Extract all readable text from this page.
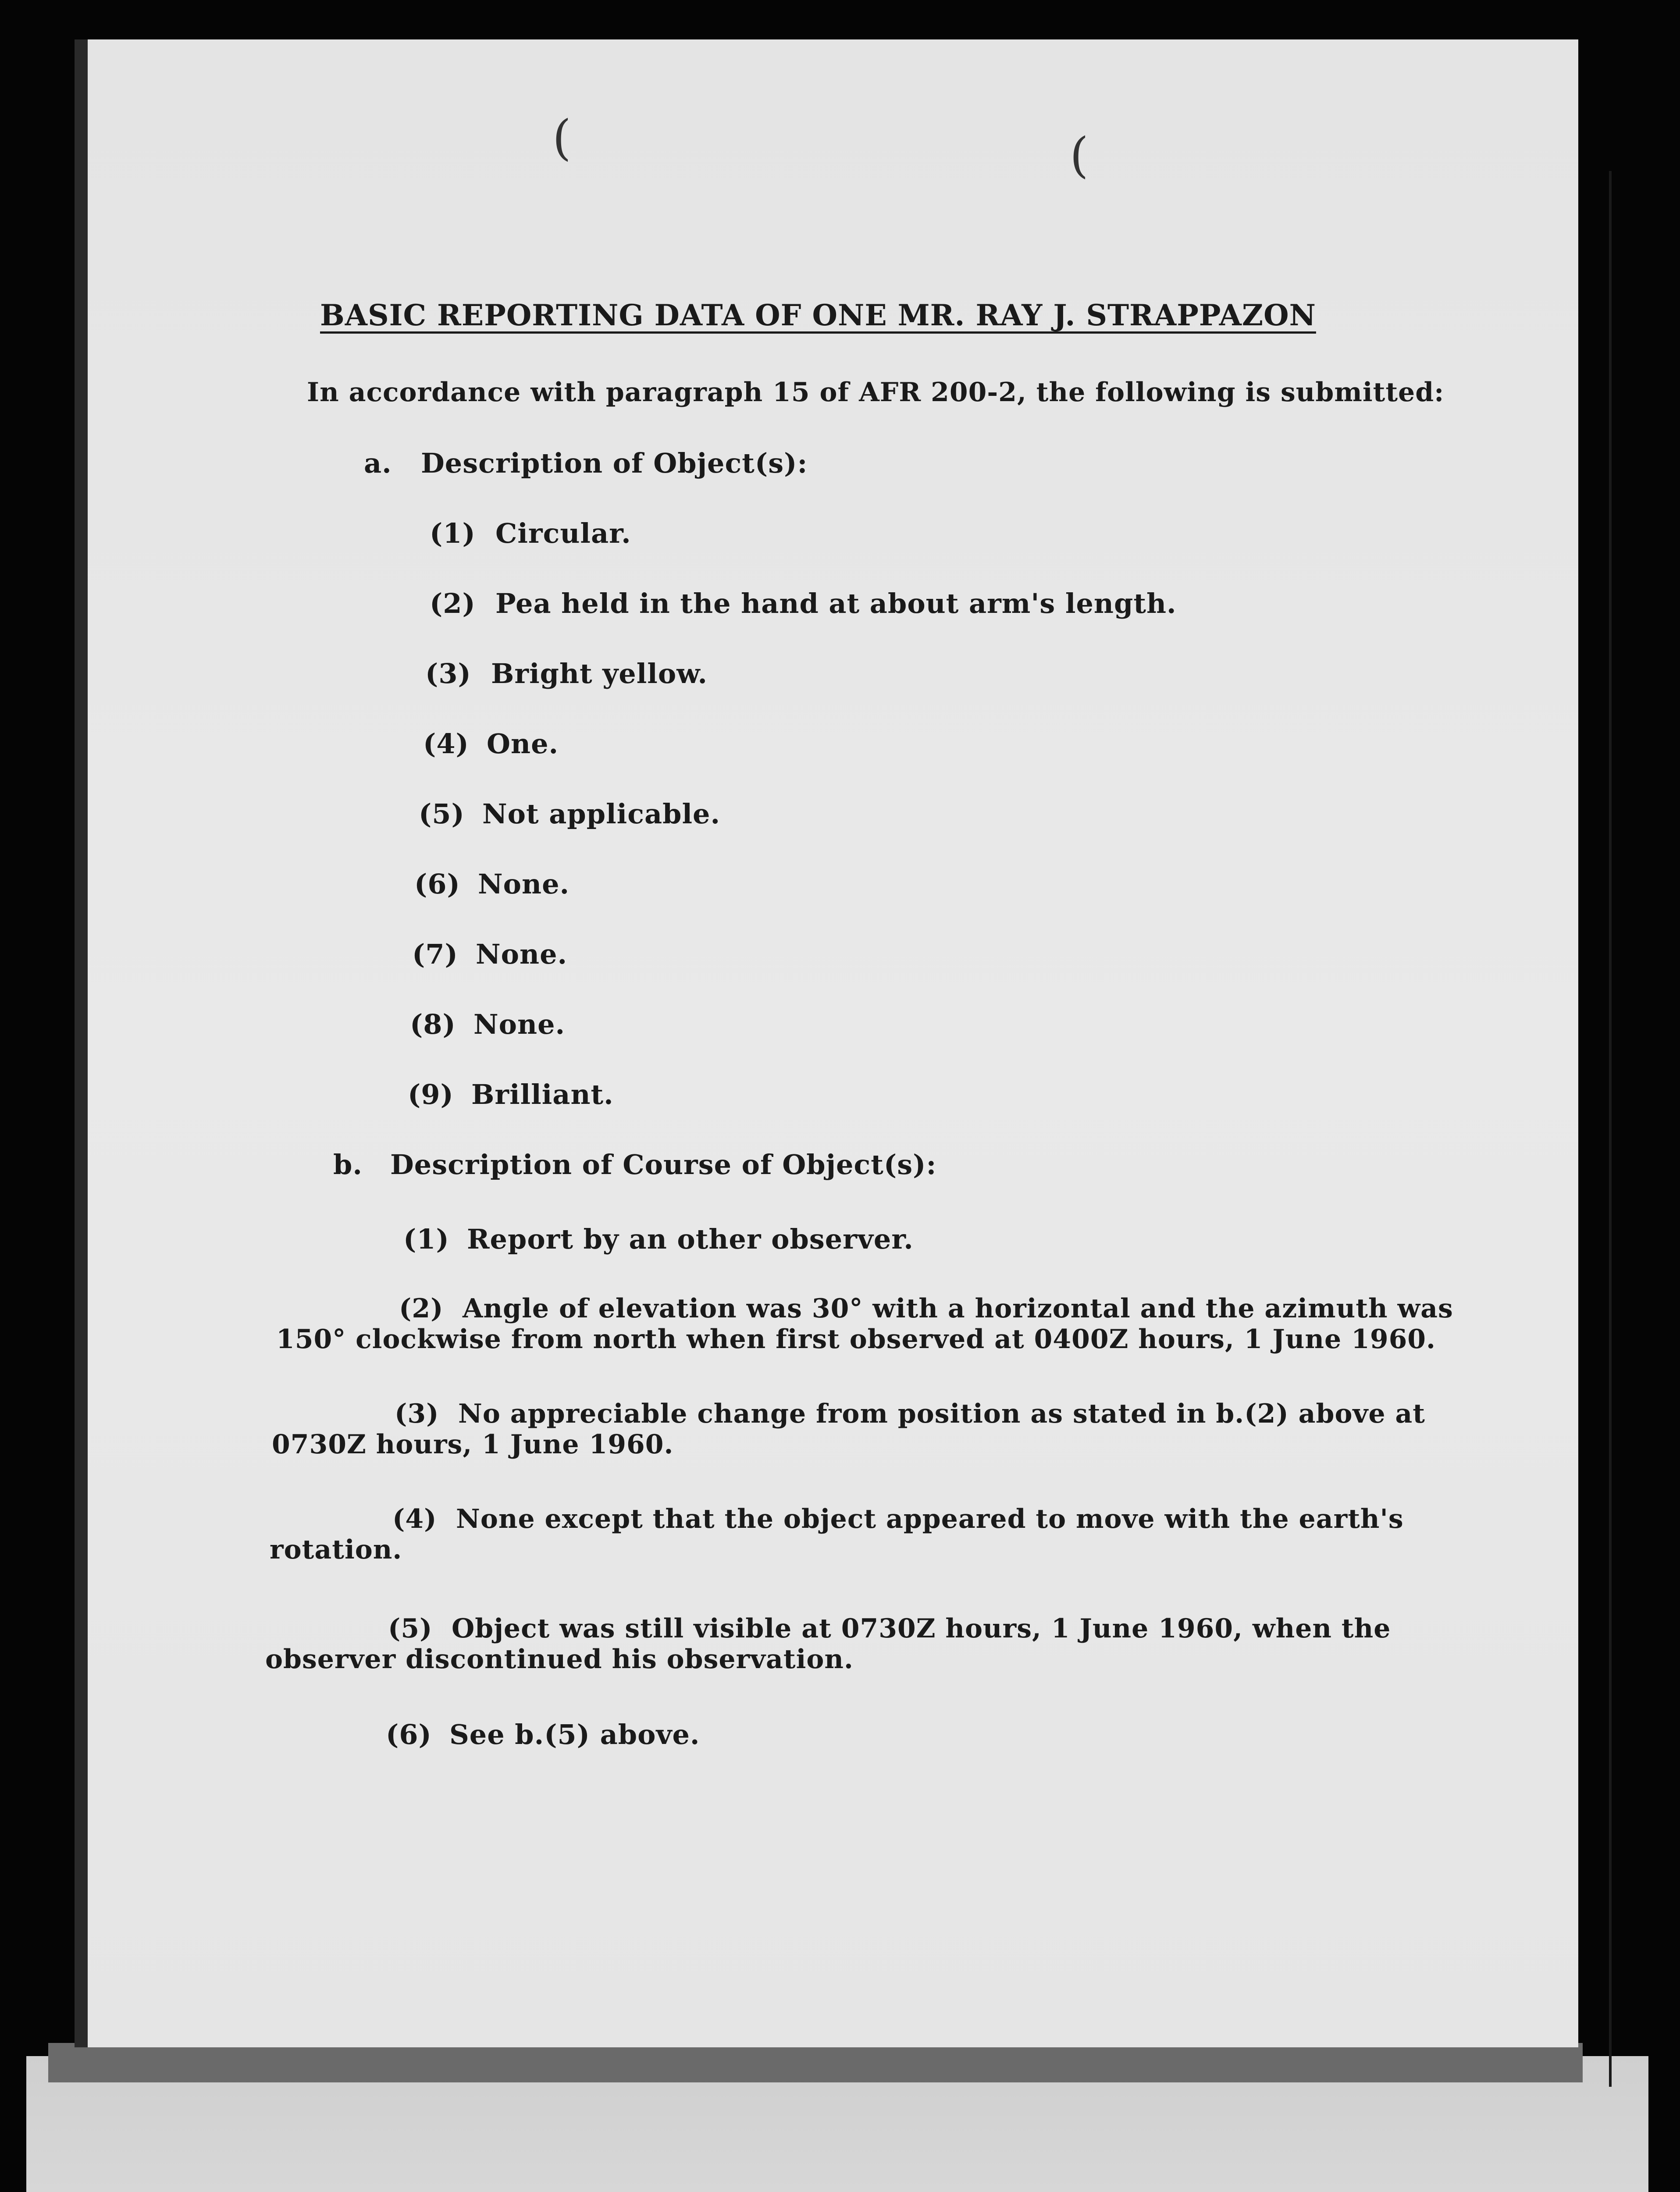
(	(
BASIC REPORTING DATA OF ONE MR. RAY J. STRAPPAZON
In accordance with paragraph 15 of AFR 200-2, the following is submitted:
a. Description of Object(s):
(1) Circular.
(2) Pea held in the hand at about arm's length.
(3) Bright yellow.
(4) One.
(5) Not applicable.
(6) None.
(7) None.
(8) None.
(9) Brilliant.
b. Description of Course of Object(s):
(1) Report by an other observer.
(2) Angle of elevation was 30° with a horizontal and the azimuth was
150° clockwise from north when first observed at 0400Z hours, 1 June 1960.
(3) No appreciable change from position as stated in b.(2) above at
0730Z hours, 1 June 1960.
(4) None except that the object appeared to move with the earth's
rotation.
(5) Object was still visible at 0730Z hours, 1 June 1960, when the
observer discontinued his observation.
(6) See b.(5) above.
